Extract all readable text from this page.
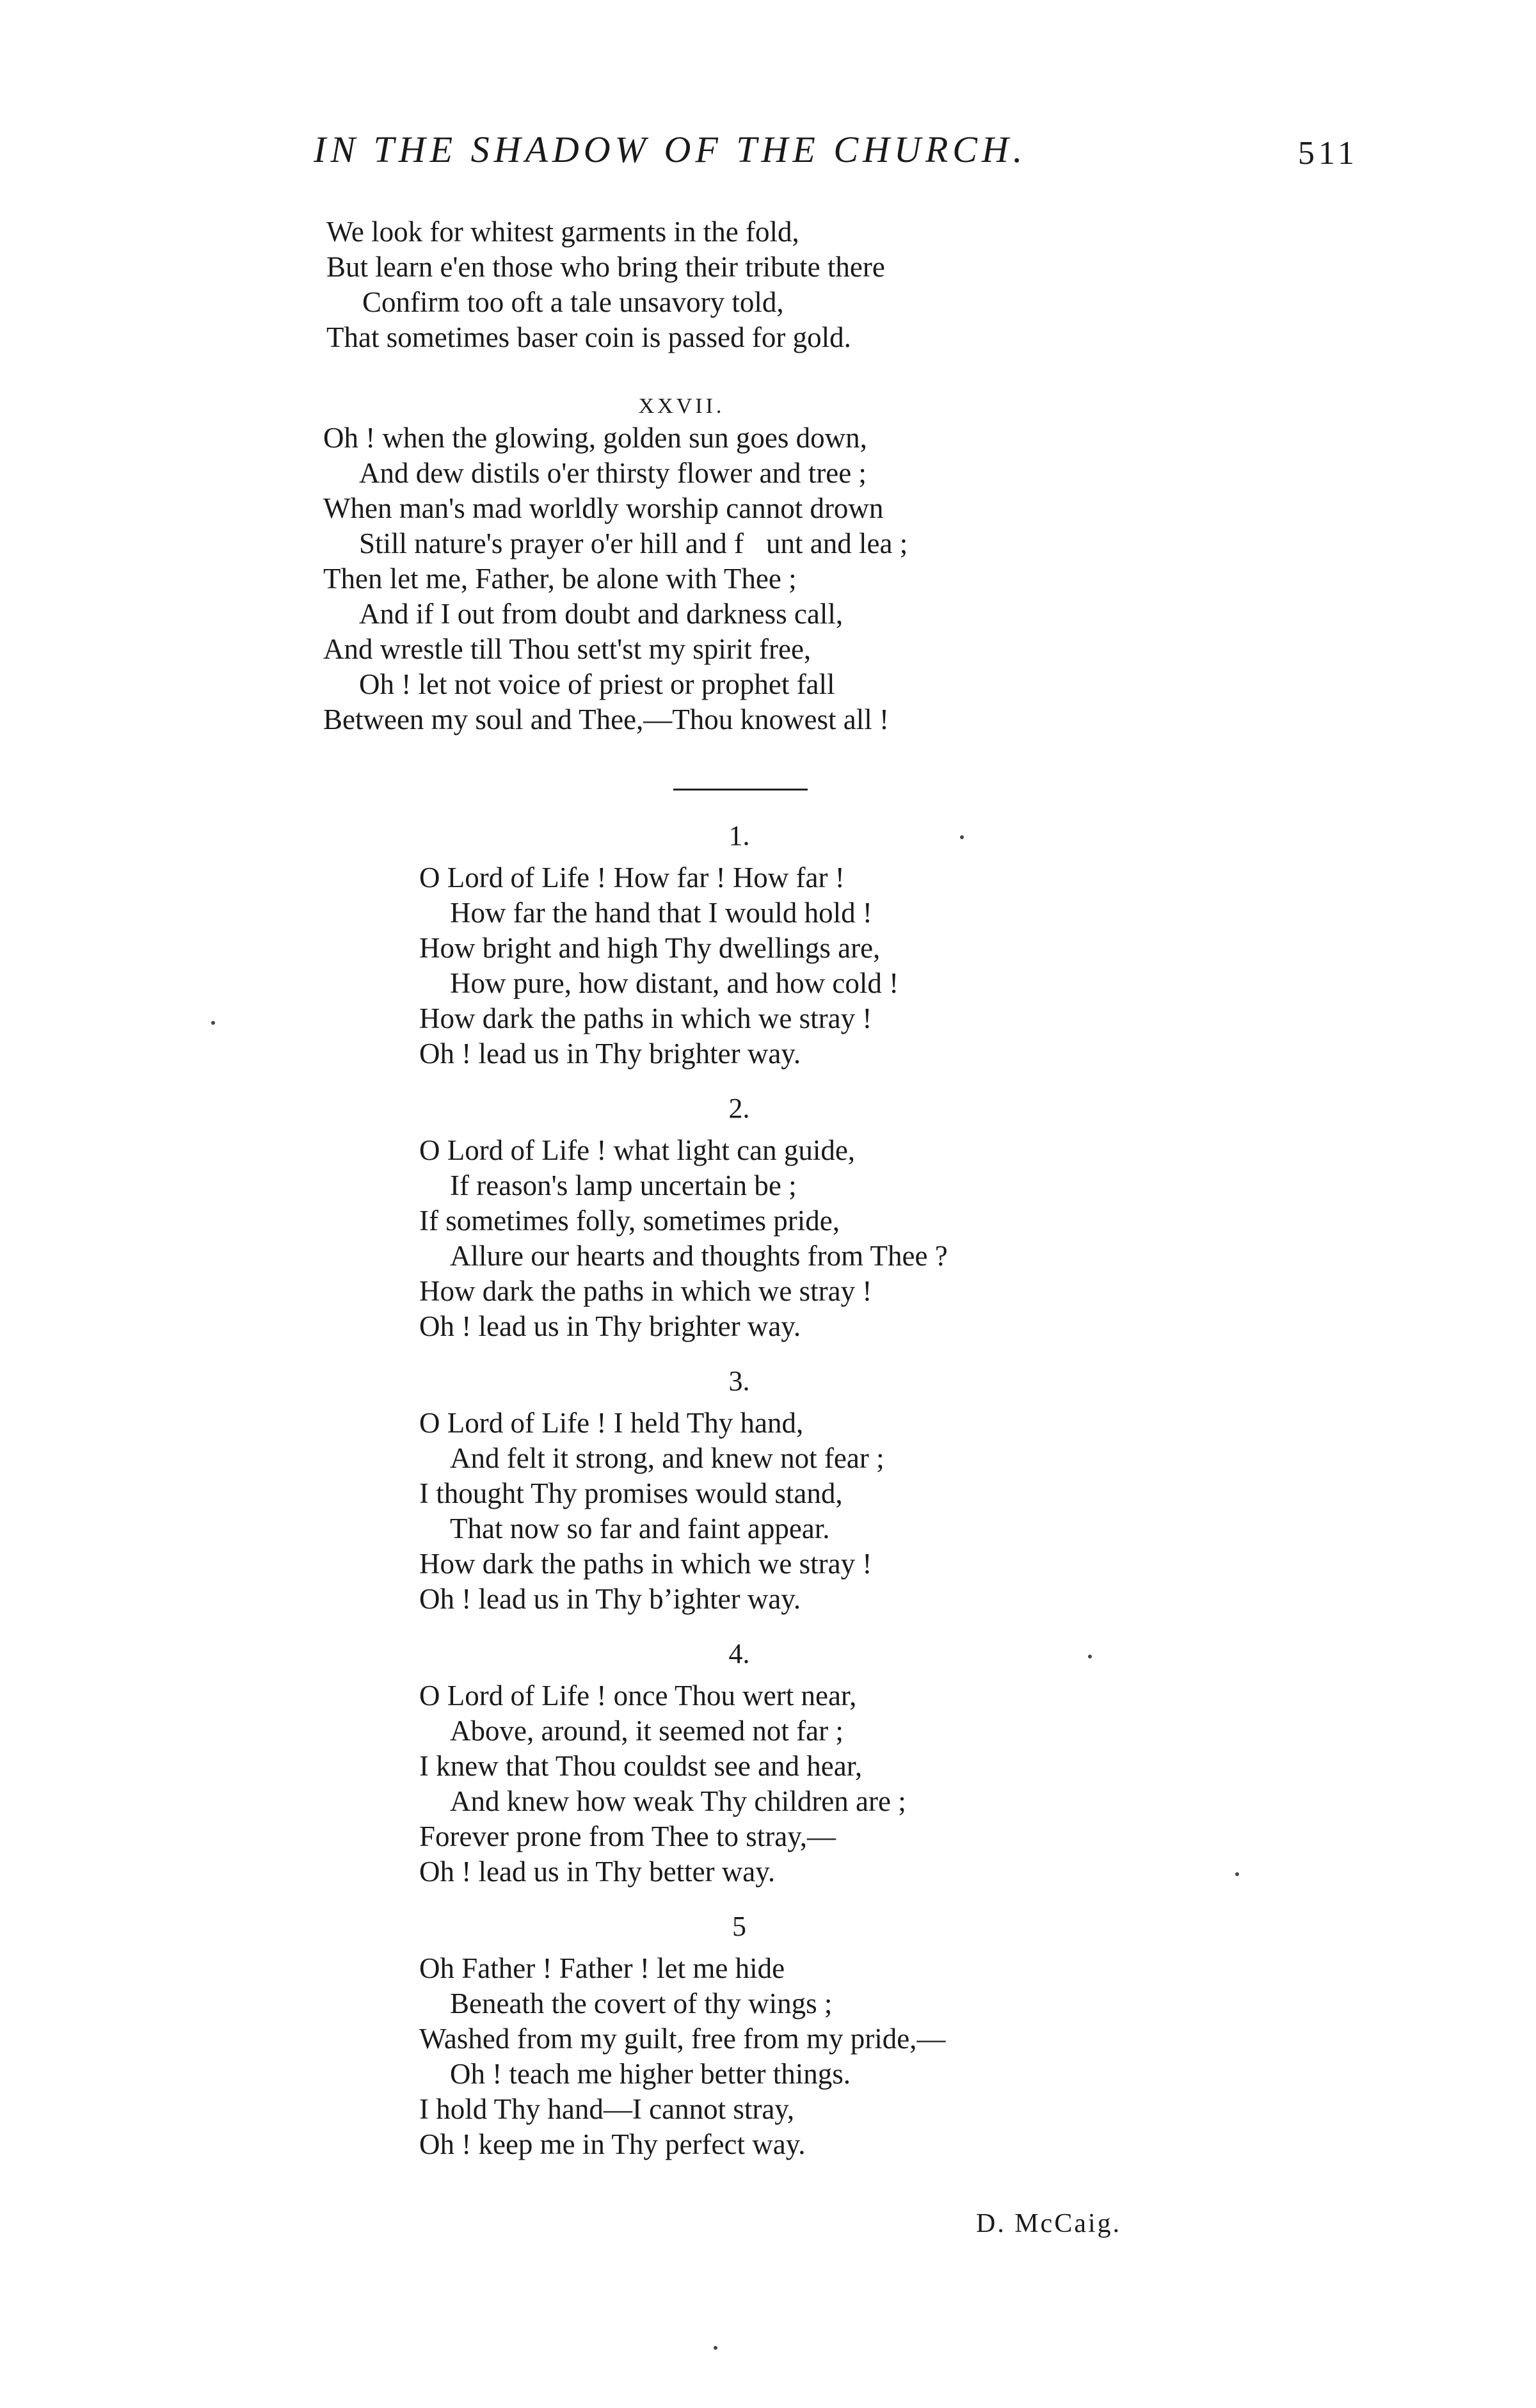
IN THE SHADOW OF THE CHURCH.	511
We look for whitest garments in the fold,
But learn e'en those who bring their tribute there
Confirm too oft a tale unsavory told,
That sometimes baser coin is passed for gold.
XXVII.
Oh ! when the glowing, golden sun goes down,
And dew distils o'er thirsty flower and tree ;
When man's mad worldly worship cannot drown
Still nature's prayer o'er hill and f unt and lea ;
Then let me, Father, be alone with Thee ;
And if I out from doubt and darkness call,
And wrestle till Thou sett'st my spirit free,
Oh ! let not voice of priest or prophet fall
Between my soul and Thee,—Thou knowest all !
1.
O Lord of Life ! How far ! How far !
How far the hand that I would hold !
How bright and high Thy dwellings are,
How pure, how distant, and how cold !
How dark the paths in which we stray !
Oh ! lead us in Thy brighter way.
2.
O Lord of Life ! what light can guide,
If reason's lamp uncertain be ;
If sometimes folly, sometimes pride,
Allure our hearts and thoughts from Thee ?
How dark the paths in which we stray !
Oh ! lead us in Thy brighter way.
3.
O Lord of Life ! I held Thy hand,
And felt it strong, and knew not fear ;
I thought Thy promises would stand,
That now so far and faint appear.
How dark the paths in which we stray !
Oh ! lead us in Thy b’ighter way.
4.
O Lord of Life ! once Thou wert near,
Above, around, it seemed not far ;
I knew that Thou couldst see and hear,
And knew how weak Thy children are ;
Forever prone from Thee to stray,—
Oh ! lead us in Thy better way.
5
Oh Father ! Father ! let me hide
Beneath the covert of thy wings ;
Washed from my guilt, free from my pride,—
Oh ! teach me higher better things.
I hold Thy hand—I cannot stray,
Oh ! keep me in Thy perfect way.
D. McCaig.
